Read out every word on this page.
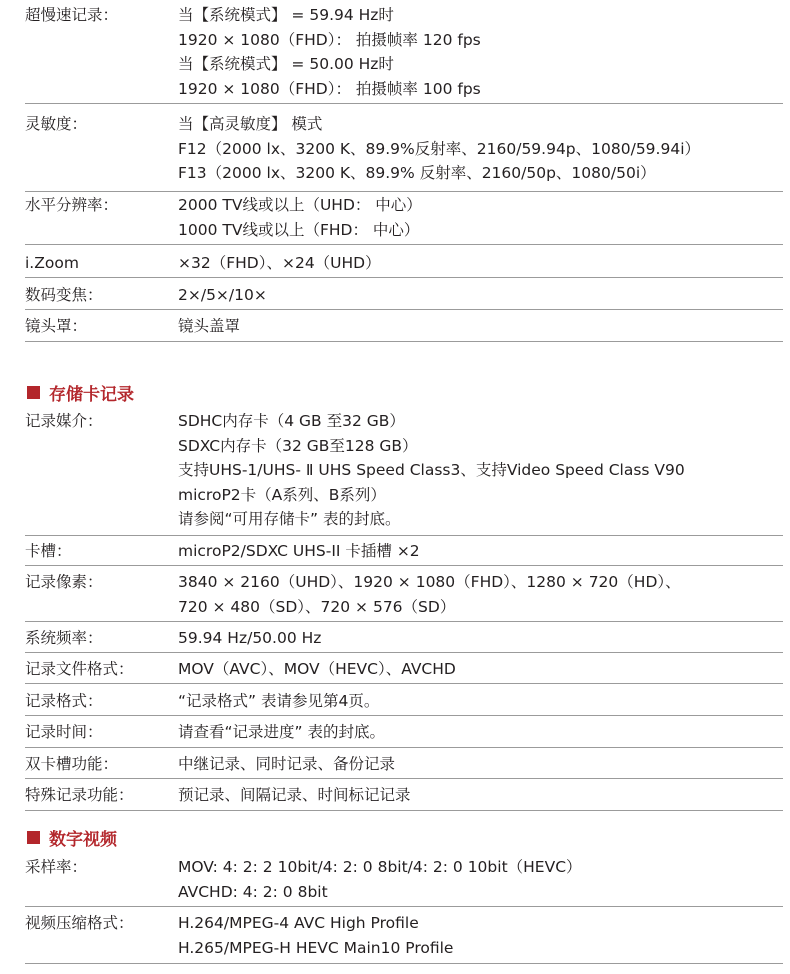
超慢速记录：	当【系统模式】 = 59.94 Hz时
1920 × 1080（FHD）： 拍摄帧率 120 fps
当【系统模式】 = 50.00 Hz时
1920 × 1080（FHD）： 拍摄帧率 100 fps
灵敏度：	当【高灵敏度】 模式
F12（2000 lx、3200 K、89.9%反射率、2160/59.94p、1080/59.94i）
F13（2000 lx、3200 K、89.9% 反射率、2160/50p、1080/50i）
水平分辨率：	2000 TV线或以上（UHD： 中心）
1000 TV线或以上（FHD： 中心）
i.Zoom	×32（FHD）、×24（UHD）
数码变焦：	2×/5×/10×
镜头罩：	镜头盖罩
存储卡记录
记录媒介：	SDHC内存卡（4 GB 至32 GB）
SDXC内存卡（32 GB至128 GB）
支持UHS-1/UHS- Ⅱ UHS Speed Class3、支持Video Speed Class V90
microP2卡（A系列、B系列）
请参阅“可用存储卡” 表的封底。
卡槽：	microP2/SDXC UHS-II 卡插槽 ×2
记录像素：	3840 × 2160（UHD）、1920 × 1080（FHD）、1280 × 720（HD）、
720 × 480（SD）、720 × 576（SD）
系统频率：	59.94 Hz/50.00 Hz
记录文件格式：	MOV（AVC）、MOV（HEVC）、AVCHD
记录格式：	“记录格式” 表请参见第4页。
记录时间：	请查看“记录进度” 表的封底。
双卡槽功能：	中继记录、同时记录、备份记录
特殊记录功能：	预记录、间隔记录、时间标记记录
数字视频
采样率：	MOV: 4: 2: 2 10bit/4: 2: 0 8bit/4: 2: 0 10bit（HEVC）
AVCHD: 4: 2: 0 8bit
视频压缩格式：	H.264/MPEG-4 AVC High Profile
H.265/MPEG-H HEVC Main10 Profile
